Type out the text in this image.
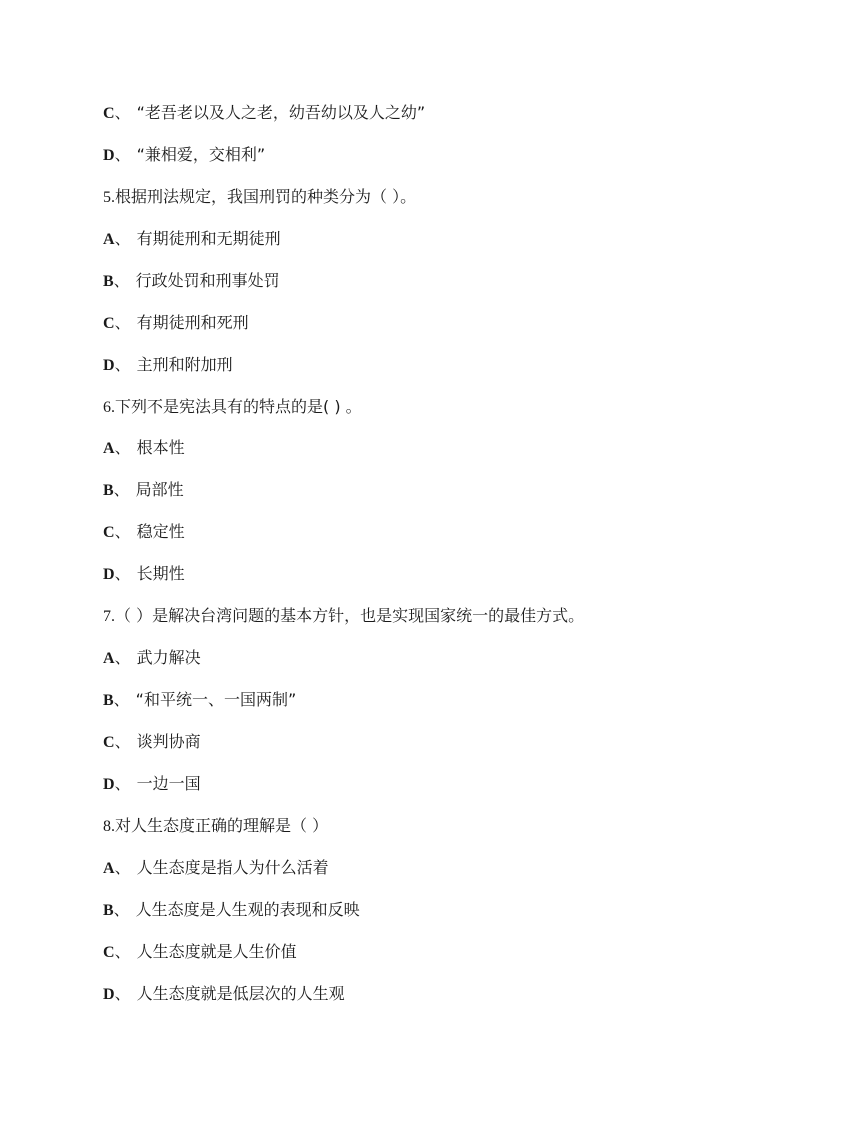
C、 “老吾老以及人之老，幼吾幼以及人之幼”
D、 “兼相爱，交相利”
5.根据刑法规定，我国刑罚的种类分为（ ）。
A、 有期徒刑和无期徒刑
B、 行政处罚和刑事处罚
C、 有期徒刑和死刑
D、 主刑和附加刑
6.下列不是宪法具有的特点的是( ) 。
A、 根本性
B、 局部性
C、 稳定性
D、 长期性
7.（ ）是解决台湾问题的基本方针，也是实现国家统一的最佳方式。
A、 武力解决
B、 “和平统一、一国两制”
C、 谈判协商
D、 一边一国
8.对人生态度正确的理解是（ ）
A、 人生态度是指人为什么活着
B、 人生态度是人生观的表现和反映
C、 人生态度就是人生价值
D、 人生态度就是低层次的人生观
